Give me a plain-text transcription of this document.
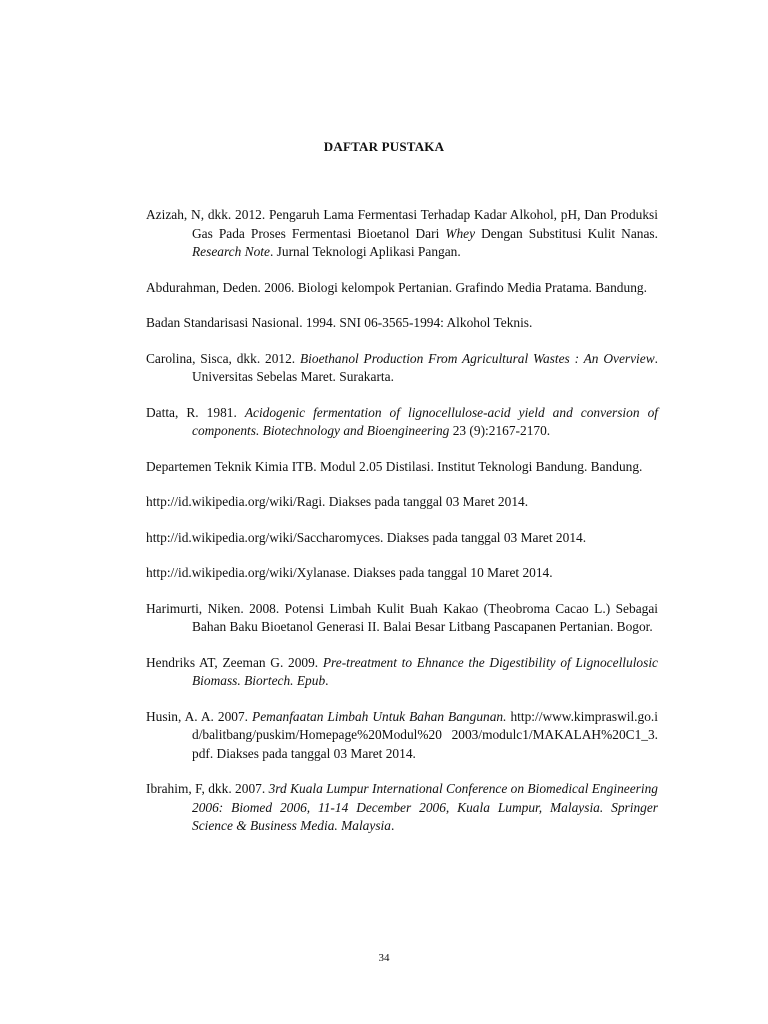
DAFTAR PUSTAKA

Azizah, N, dkk. 2012. Pengaruh Lama Fermentasi Terhadap Kadar Alkohol, pH, Dan Produksi Gas Pada Proses Fermentasi Bioetanol Dari Whey Dengan Substitusi Kulit Nanas. Research Note. Jurnal Teknologi Aplikasi Pangan.

Abdurahman, Deden. 2006. Biologi kelompok Pertanian. Grafindo Media Pratama. Bandung.

Badan Standarisasi Nasional. 1994. SNI 06-3565-1994: Alkohol Teknis.

Carolina, Sisca, dkk. 2012. Bioethanol Production From Agricultural Wastes : An Overview. Universitas Sebelas Maret. Surakarta.

Datta, R. 1981. Acidogenic fermentation of lignocellulose-acid yield and conversion of components. Biotechnology and Bioengineering 23 (9):2167-2170.

Departemen Teknik Kimia ITB. Modul 2.05 Distilasi. Institut Teknologi Bandung. Bandung.

http://id.wikipedia.org/wiki/Ragi. Diakses pada tanggal 03 Maret 2014.

http://id.wikipedia.org/wiki/Saccharomyces. Diakses pada tanggal 03 Maret 2014.

http://id.wikipedia.org/wiki/Xylanase. Diakses pada tanggal 10 Maret 2014.

Harimurti, Niken. 2008. Potensi Limbah Kulit Buah Kakao (Theobroma Cacao L.) Sebagai Bahan Baku Bioetanol Generasi II. Balai Besar Litbang Pascapanen Pertanian. Bogor.

Hendriks AT, Zeeman G. 2009. Pre-treatment to Ehnance the Digestibility of Lignocellulosic Biomass. Biortech. Epub.

Husin, A. A. 2007. Pemanfaatan Limbah Untuk Bahan Bangunan. http://www.kimpraswil.go.id/balitbang/puskim/Homepage%20Modul%20 2003/modulc1/MAKALAH%20C1_3.pdf. Diakses pada tanggal 03 Maret 2014.

Ibrahim, F, dkk. 2007. 3rd Kuala Lumpur International Conference on Biomedical Engineering 2006: Biomed 2006, 11-14 December 2006, Kuala Lumpur, Malaysia. Springer Science & Business Media. Malaysia.

34
